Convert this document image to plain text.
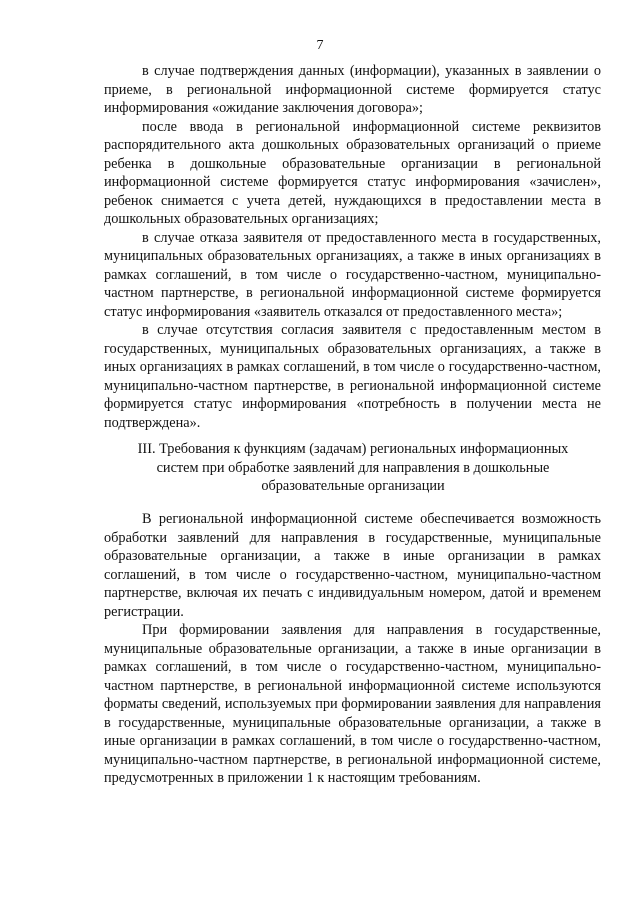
7

в случае подтверждения данных (информации), указанных в заявлении о приеме, в региональной информационной системе формируется статус информирования «ожидание заключения договора»;

после ввода в региональной информационной системе реквизитов распорядительного акта дошкольных образовательных организаций о приеме ребенка в дошкольные образовательные организации в региональной информационной системе формируется статус информирования «зачислен», ребенок снимается с учета детей, нуждающихся в предоставлении места в дошкольных образовательных организациях;

в случае отказа заявителя от предоставленного места в государственных, муниципальных образовательных организациях, а также в иных организациях в рамках соглашений, в том числе о государственно-частном, муниципально-частном партнерстве, в региональной информационной системе формируется статус информирования «заявитель отказался от предоставленного места»;

в случае отсутствия согласия заявителя с предоставленным местом в государственных, муниципальных образовательных организациях, а также в иных организациях в рамках соглашений, в том числе о государственно-частном, муниципально-частном партнерстве, в региональной информационной системе формируется статус информирования «потребность в получении места не подтверждена».

III. Требования к функциям (задачам) региональных информационных систем при обработке заявлений для направления в дошкольные образовательные организации

В региональной информационной системе обеспечивается возможность обработки заявлений для направления в государственные, муниципальные образовательные организации, а также в иные организации в рамках соглашений, в том числе о государственно-частном, муниципально-частном партнерстве, включая их печать с индивидуальным номером, датой и временем регистрации.

При формировании заявления для направления в государственные, муниципальные образовательные организации, а также в иные организации в рамках соглашений, в том числе о государственно-частном, муниципально-частном партнерстве, в региональной информационной системе используются форматы сведений, используемых при формировании заявления для направления в государственные, муниципальные образовательные организации, а также в иные организации в рамках соглашений, в том числе о государственно-частном, муниципально-частном партнерстве, в региональной информационной системе, предусмотренных в приложении 1 к настоящим требованиям.
